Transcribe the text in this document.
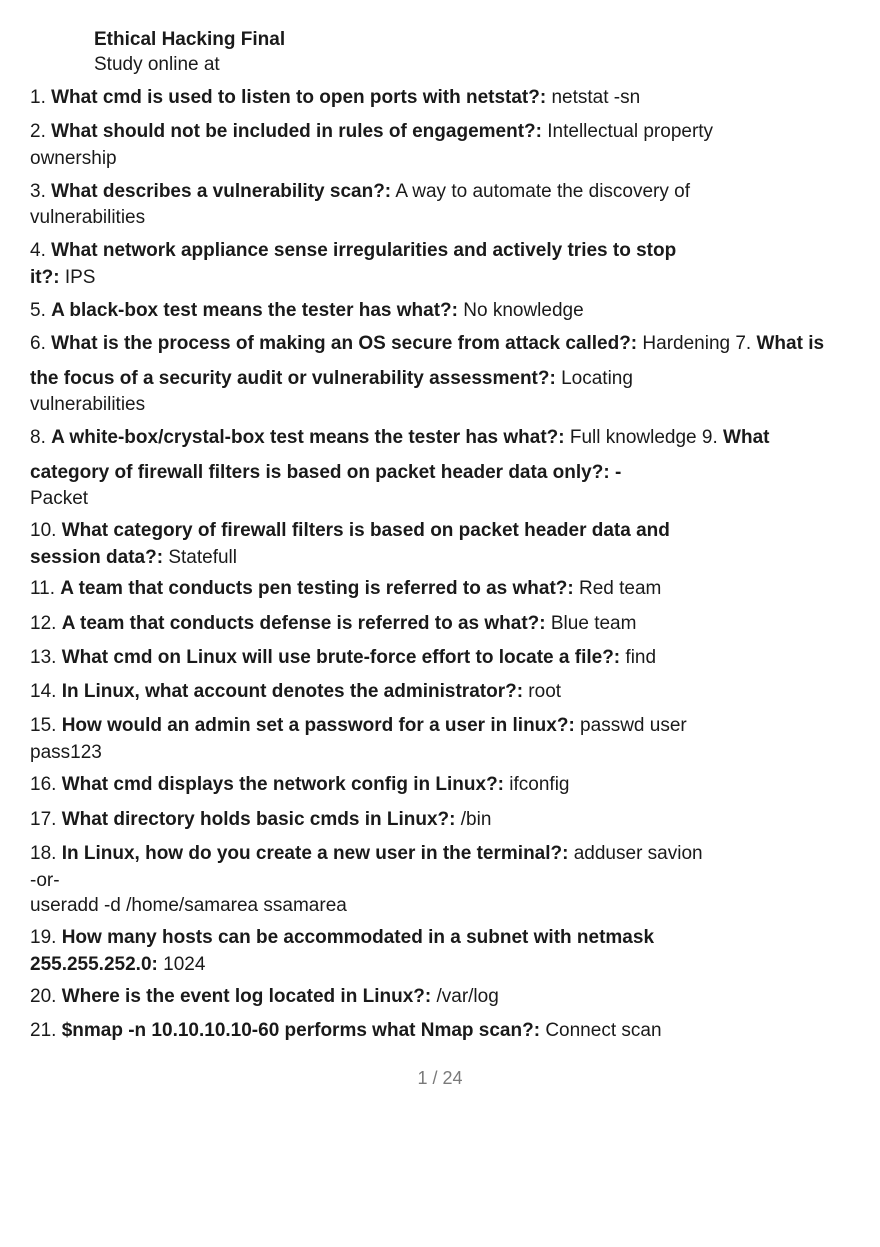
Ethical Hacking Final
Study online at
1. What cmd is used to listen to open ports with netstat?: netstat -sn
2. What should not be included in rules of engagement?: Intellectual property
ownership
3. What describes a vulnerability scan?: A way to automate the discovery of
vulnerabilities
4. What network appliance sense irregularities and actively tries to stop
it?: IPS
5. A black-box test means the tester has what?: No knowledge
6. What is the process of making an OS secure from attack called?: Hardening 7. What is
the focus of a security audit or vulnerability assessment?: Locating
vulnerabilities
8. A white-box/crystal-box test means the tester has what?: Full knowledge 9. What
category of firewall filters is based on packet header data only?: -
Packet
10. What category of firewall filters is based on packet header data and
session data?: Statefull
11. A team that conducts pen testing is referred to as what?: Red team
12. A team that conducts defense is referred to as what?: Blue team
13. What cmd on Linux will use brute-force effort to locate a file?: find
14. In Linux, what account denotes the administrator?: root
15. How would an admin set a password for a user in linux?: passwd user
pass123
16. What cmd displays the network config in Linux?: ifconfig
17. What directory holds basic cmds in Linux?: /bin
18. In Linux, how do you create a new user in the terminal?: adduser savion
-or-
useradd -d /home/samarea ssamarea
19. How many hosts can be accommodated in a subnet with netmask
255.255.252.0: 1024
20. Where is the event log located in Linux?: /var/log
21. $nmap -n 10.10.10.10-60 performs what Nmap scan?: Connect scan
1 / 24
